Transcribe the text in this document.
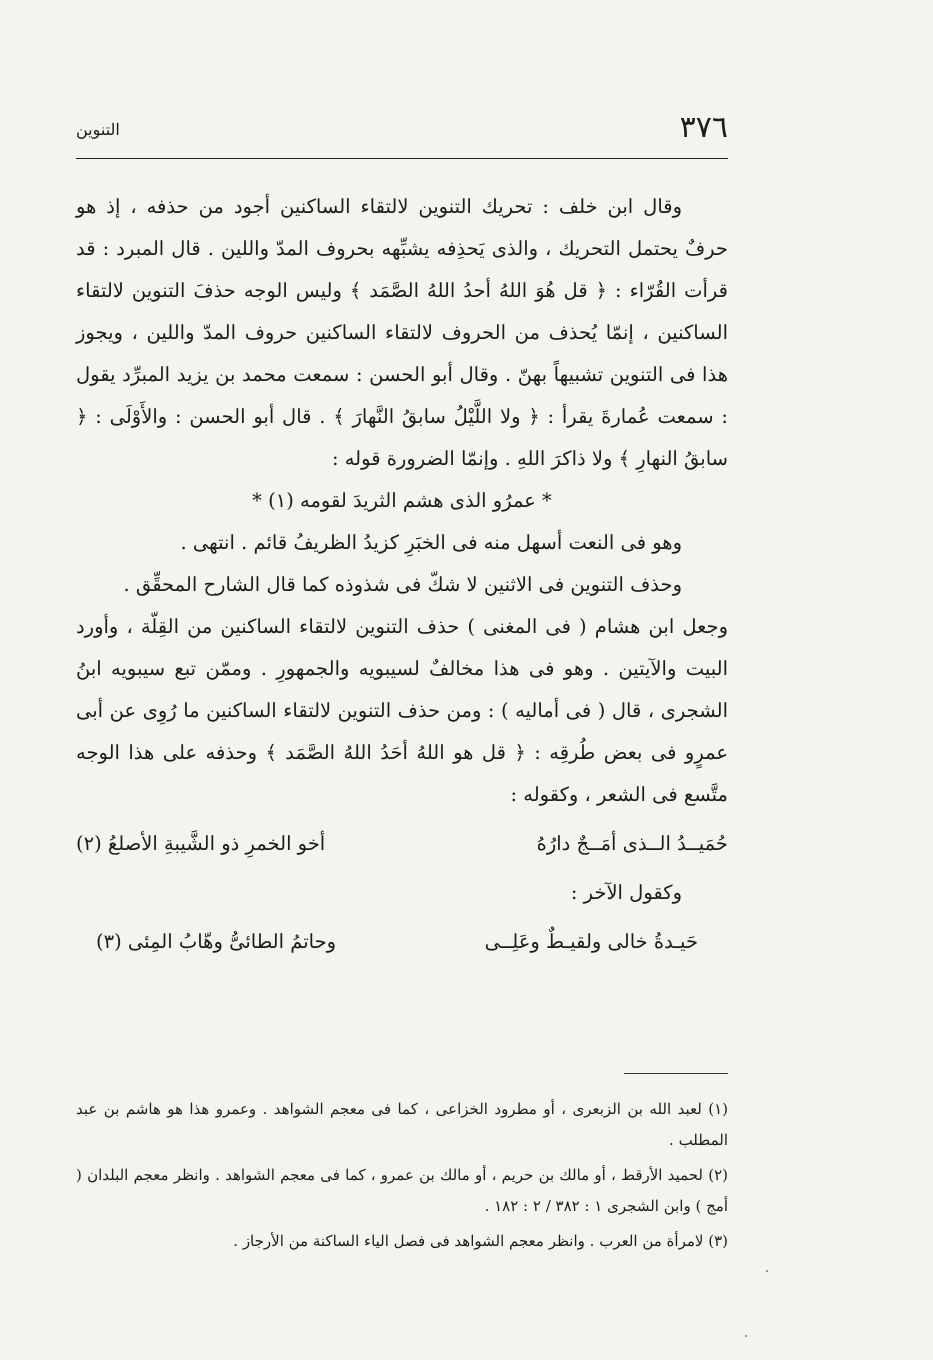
٣٧٦
التنوين

وقال ابن خلف : تحريك التنوين لالتقاء الساكنين أجود من حذفه ، إذ هو حرفٌ يحتمل التحريك ، والذى يَحذِفه يشبِّهه بحروف المدّ واللين . قال المبرد : قد قرأت القُرّاء : ﴿ قل هُوَ اللهُ أحدُ اللهُ الصَّمَد ﴾ وليس الوجه حذفَ التنوين لالتقاء الساكنين ، إنمّا يُحذف من الحروف لالتقاء الساكنين حروف المدّ واللين ، ويجوز هذا فى التنوين تشبيهاً بهنّ . وقال أبو الحسن : سمعت محمد بن يزيد المبرِّد يقول : سمعت عُمارةَ يقرأ : ﴿ ولا اللَّيْلُ سابقُ النَّهارَ ﴾ . قال أبو الحسن : والأَوْلَى : ﴿ سابقُ النهارِ ﴾ ولا ذاكرَ اللهِ . وإنمّا الضرورة قوله :

* عمرُو الذى هشم الثريدَ لقومه (١) *

وهو فى النعت أسهل منه فى الخبَرِ كزيدُ الظريفُ قائم . انتهى .

وحذف التنوين فى الاثنين لا شكّ فى شذوذه كما قال الشارح المحقِّق .

وجعل ابن هشام ( فى المغنى ) حذف التنوين لالتقاء الساكنين من القِلّة ، وأورد البيت والآيتين . وهو فى هذا مخالفٌ لسيبويه والجمهورِ . وممّن تبع سيبويه ابنُ الشجرى ، قال ( فى أماليه ) : ومن حذف التنوين لالتقاء الساكنين ما رُوِى عن أبى عمرٍو فى بعض طُرقِه : ﴿ قل هو اللهُ أحَدُ اللهُ الصَّمَد ﴾ وحذفه على هذا الوجه متَّسع فى الشعر ، وكقوله :

حُمَيــدُ الــذى أمَــجٌ دارُهُ
أخو الخمرِ ذو الشَّيبةِ الأصلعُ (٢)

وكقول الآخر :

حَيـدةُ خالى ولقيـطٌ وعَلِــى
وحاتمُ الطائىُّ وهّابُ المِئى (٣)

(١) لعبد الله بن الزبعرى ، أو مطرود الخزاعى ، كما فى معجم الشواهد . وعمرو هذا هو هاشم بن عبد المطلب .

(٢) لحميد الأرقط ، أو مالك بن حريم ، أو مالك بن عمرو ، كما فى معجم الشواهد . وانظر معجم البلدان ( أمج ) وابن الشجرى ١ : ٣٨٢ / ٢ : ١٨٢ .

(٣) لامرأة من العرب . وانظر معجم الشواهد فى فصل الياء الساكنة من الأرجاز .
